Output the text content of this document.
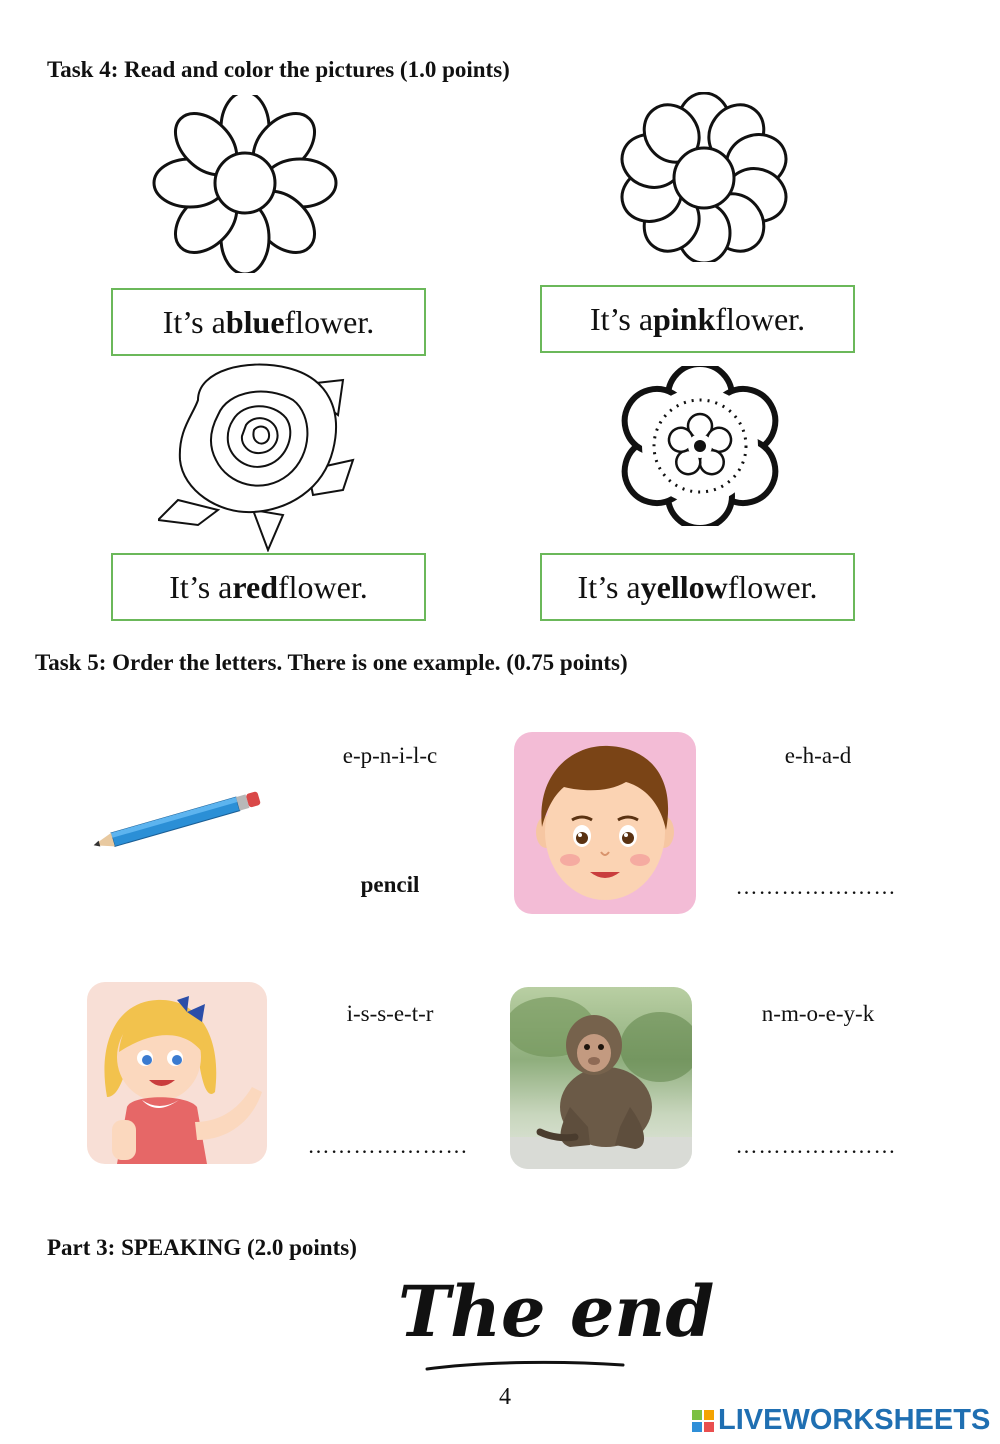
Task 4: Read and color the pictures (1.0 points)
It’s a blue flower.	It’s a pink flower.
It’s a red flower.	It’s a yellow flower.
Task 5: Order the letters. There is one example. (0.75 points)
e-p-n-i-l-c
pencil
e-h-a-d
…………………
i-s-s-e-t-r
…………………
n-m-o-e-y-k
…………………
Part 3: SPEAKING (2.0 points)
The end
4
LIVEWORKSHEETS
